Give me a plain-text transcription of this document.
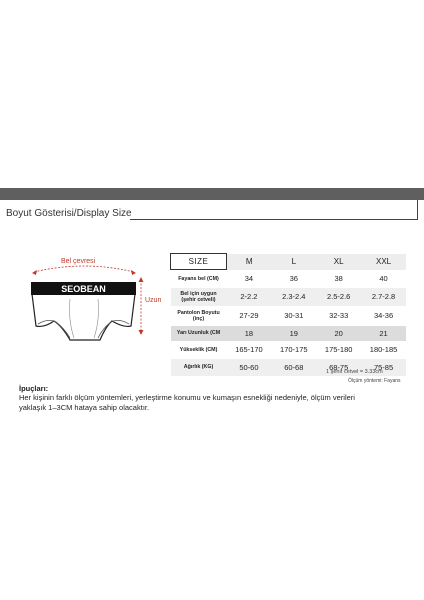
Boyut Gösterisi/Display Size
Bel çevresi
SEOBEAN
Uzun
SIZE	M	L	XL	XXL
Fayans bel (CM)	34	36	38	40
Bel için uygun
(şehir cetveli)	2-2.2	2.3-2.4	2.5-2.6	2.7-2.8
Pantolon Boyutu
(inç)	27-29	30-31	32-33	34-36
Yarı Uzunluk (CM	18	19	20	21
Yükseklik (CM)	165-170	170-175	175-180	180-185
Ağırlık (KG)	50-60	60-68	68-75	75-85
1 şehir cetvel = 3.33cm
Ölçüm yöntemi: Fayans
İpuçları:
Her kişinin farklı ölçüm yöntemleri, yerleştirme konumu ve kumaşın esnekliği nedeniyle, ölçüm verileri yaklaşık 1–3CM hataya sahip olacaktır.
